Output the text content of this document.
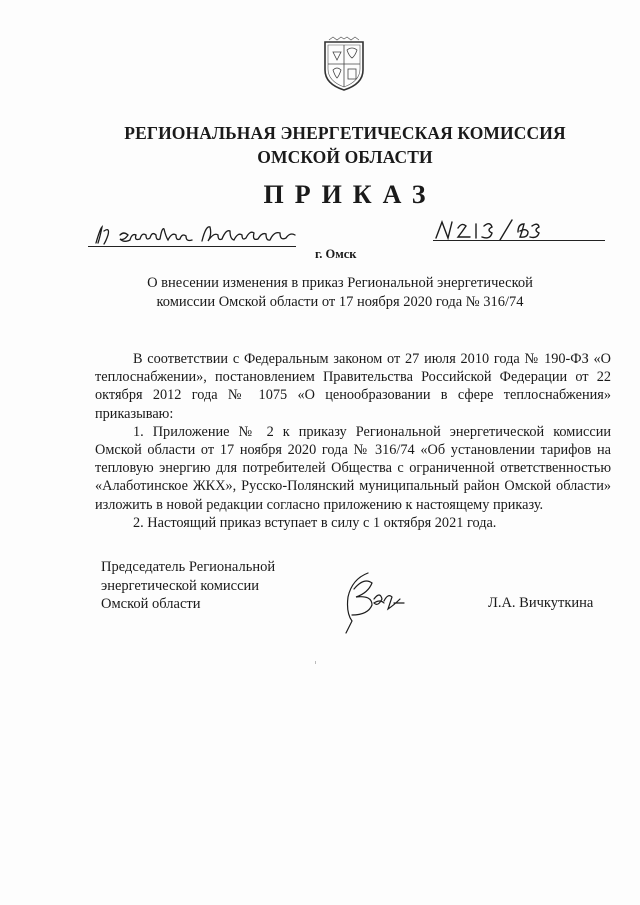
РЕГИОНАЛЬНАЯ ЭНЕРГЕТИЧЕСКАЯ КОМИССИЯ
ОМСКОЙ ОБЛАСТИ
ПРИКАЗ
г. Омск
О внесении изменения в приказ Региональной энергетической
комиссии Омской области от 17 ноября 2020 года № 316/74

В соответствии с Федеральным законом от 27 июля 2010 года № 190-ФЗ «О теплоснабжении», постановлением Правительства Российской Федерации от 22 октября 2012 года № 1075 «О ценообразовании в сфере теплоснабжения» приказываю:

1. Приложение № 2 к приказу Региональной энергетической комиссии Омской области от 17 ноября 2020 года № 316/74 «Об установлении тарифов на тепловую энергию для потребителей Общества с ограниченной ответственностью «Алаботинское ЖКХ», Русско-Полянский муниципальный район Омской области» изложить в новой редакции согласно приложению к настоящему приказу.

2. Настоящий приказ вступает в силу с 1 октября 2021 года.

Председатель Региональной
энергетической комиссии
Омской области	Л.А. Вичкуткина
